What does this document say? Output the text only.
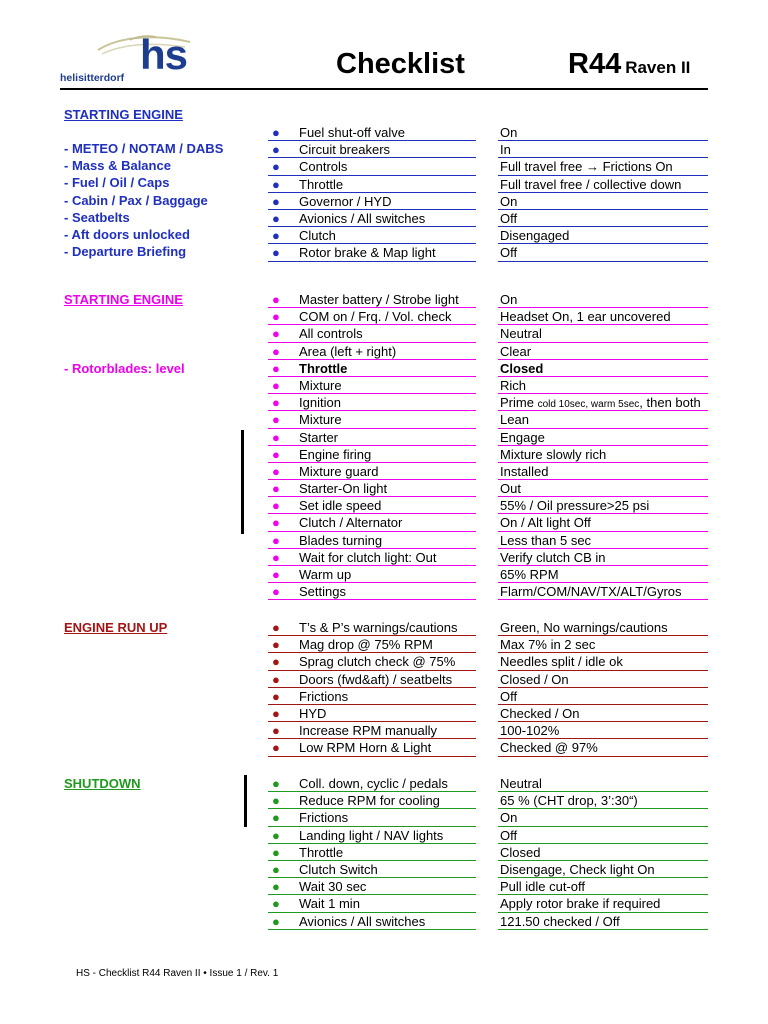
hs
helisitterdorf	Checklist	R44 Raven II
STARTING ENGINE
- METEO / NOTAM / DABS
- Mass & Balance
- Fuel / Oil / Caps
- Cabin / Pax / Baggage
- Seatbelts
- Aft doors unlocked
- Departure Briefing
● Fuel shut-off valve	On
● Circuit breakers	In
● Controls	Full travel free → Frictions On
● Throttle	Full travel free / collective down
● Governor / HYD	On
● Avionics / All switches	Off
● Clutch	Disengaged
● Rotor brake & Map light	Off
STARTING ENGINE
- Rotorblades: level
● Master battery / Strobe light	On
● COM on / Frq. / Vol. check	Headset On, 1 ear uncovered
● All controls	Neutral
● Area (left + right)	Clear
● Throttle	Closed
● Mixture	Rich
● Ignition	Prime cold 10sec, warm 5sec, then both
● Mixture	Lean
● Starter	Engage
● Engine firing	Mixture slowly rich
● Mixture guard	Installed
● Starter-On light	Out
● Set idle speed	55% / Oil pressure>25 psi
● Clutch / Alternator	On / Alt light Off
● Blades turning	Less than 5 sec
● Wait for clutch light: Out	Verify clutch CB in
● Warm up	65% RPM
● Settings	Flarm/COM/NAV/TX/ALT/Gyros
ENGINE RUN UP	● T’s & P’s warnings/cautions	Green, No warnings/cautions
● Mag drop @ 75% RPM	Max 7% in 2 sec
● Sprag clutch check @ 75%	Needles split / idle ok
● Doors (fwd&aft) / seatbelts	Closed / On
● Frictions	Off
● HYD	Checked / On
● Increase RPM manually	100-102%
● Low RPM Horn & Light	Checked @ 97%
SHUTDOWN	● Coll. down, cyclic / pedals	Neutral
● Reduce RPM for cooling	65 % (CHT drop, 3’:30“)
● Frictions	On
● Landing light / NAV lights	Off
● Throttle	Closed
● Clutch Switch	Disengage, Check light On
● Wait 30 sec	Pull idle cut-off
● Wait 1 min	Apply rotor brake if required
● Avionics / All switches	121.50 checked / Off
HS - Checklist R44 Raven II • Issue 1 / Rev. 1
